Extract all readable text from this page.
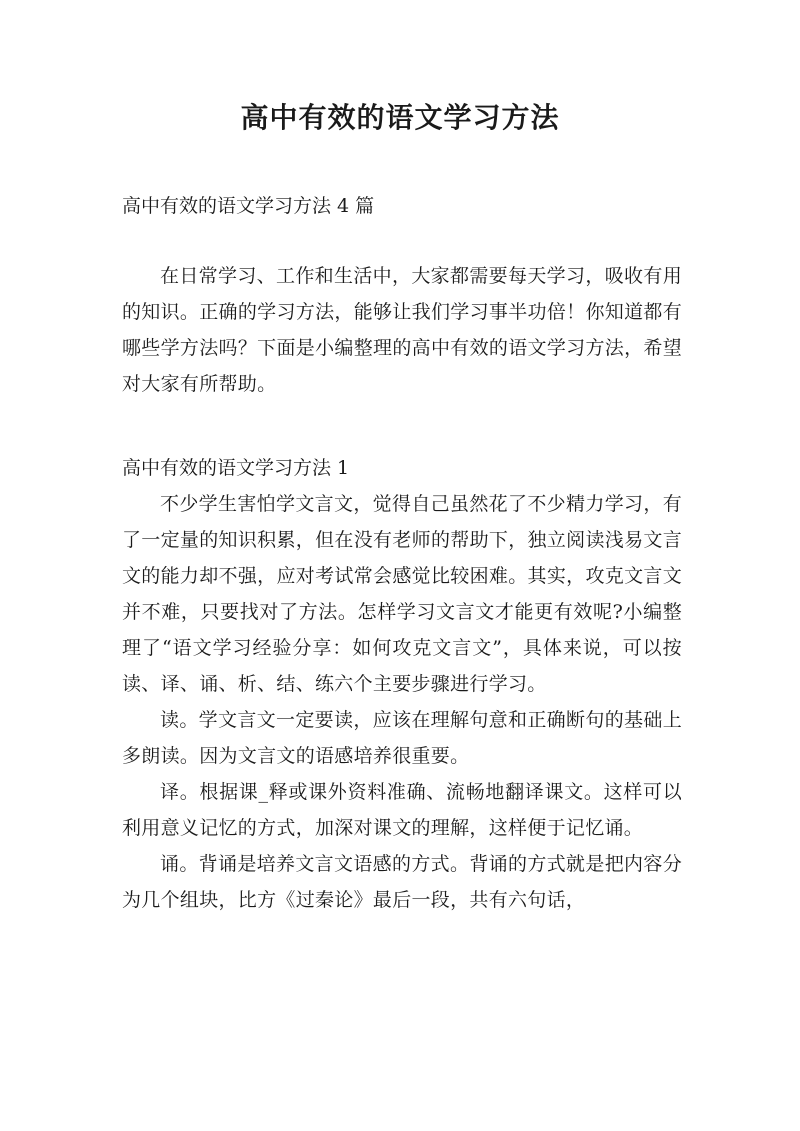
高中有效的语文学习方法
高中有效的语文学习方法 4 篇

在日常学习、工作和生活中，大家都需要每天学习，吸收有用的知识。正确的学习方法，能够让我们学习事半功倍！你知道都有哪些学方法吗？下面是小编整理的高中有效的语文学习方法，希望对大家有所帮助。

高中有效的语文学习方法 1

不少学生害怕学文言文，觉得自己虽然花了不少精力学习，有了一定量的知识积累，但在没有老师的帮助下，独立阅读浅易文言文的能力却不强，应对考试常会感觉比较困难。其实，攻克文言文并不难，只要找对了方法。怎样学习文言文才能更有效呢?小编整理了“语文学习经验分享：如何攻克文言文”，具体来说，可以按读、译、诵、析、结、练六个主要步骤进行学习。

读。学文言文一定要读，应该在理解句意和正确断句的基础上多朗读。因为文言文的语感培养很重要。

译。根据课_释或课外资料准确、流畅地翻译课文。这样可以利用意义记忆的方式，加深对课文的理解，这样便于记忆诵。

诵。背诵是培养文言文语感的方式。背诵的方式就是把内容分为几个组块，比方《过秦论》最后一段，共有六句话，
